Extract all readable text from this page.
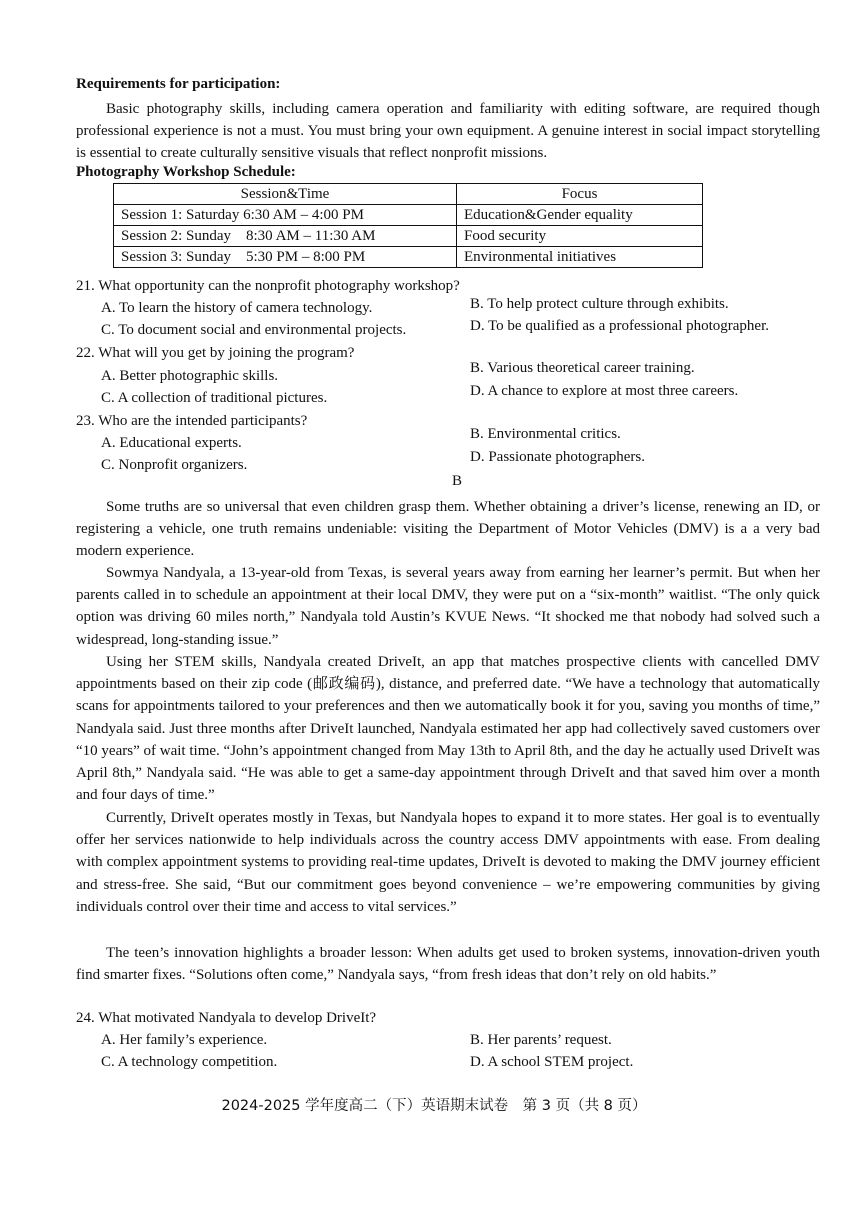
Requirements for participation:

Basic photography skills, including camera operation and familiarity with editing software, are required though professional experience is not a must. You must bring your own equipment. A genuine interest in social impact storytelling is essential to create culturally sensitive visuals that reflect nonprofit missions.

Photography Workshop Schedule:
Session&Time	Focus
Session 1: Saturday 6:30 AM – 4:00 PM	Education&Gender equality
Session 2: Sunday    8:30 AM – 11:30 AM	Food security
Session 3: Sunday    5:30 PM – 8:00 PM	Environmental initiatives
21. What opportunity can the nonprofit photography workshop?
A. To learn the history of camera technology.	B. To help protect culture through exhibits.
C. To document social and environmental projects.	D. To be qualified as a professional photographer.
22. What will you get by joining the program?
A. Better photographic skills.	B. Various theoretical career training.
C. A collection of traditional pictures.	D. A chance to explore at most three careers.
23. Who are the intended participants?
A. Educational experts.
B. Environmental critics.
C. Nonprofit organizers.	D. Passionate photographers.
B

Some truths are so universal that even children grasp them. Whether obtaining a driver’s license, renewing an ID, or registering a vehicle, one truth remains undeniable: visiting the Department of Motor Vehicles (DMV) is a a very bad modern experience.

Sowmya Nandyala, a 13-year-old from Texas, is several years away from earning her learner’s permit. But when her parents called in to schedule an appointment at their local DMV, they were put on a “six-month” waitlist. “The only quick option was driving 60 miles north,” Nandyala told Austin’s KVUE News. “It shocked me that nobody had solved such a widespread, long-standing issue.”

Using her STEM skills, Nandyala created DriveIt, an app that matches prospective clients with cancelled DMV appointments based on their zip code (邮政编码), distance, and preferred date. “We have a technology that automatically scans for appointments tailored to your preferences and then we automatically book it for you, saving you months of time,” Nandyala said. Just three months after DriveIt launched, Nandyala estimated her app had collectively saved customers over “10 years” of wait time. “John’s appointment changed from May 13th to April 8th, and the day he actually used DriveIt was April 8th,” Nandyala said. “He was able to get a same-day appointment through DriveIt and that saved him over a month and four days of time.”

Currently, DriveIt operates mostly in Texas, but Nandyala hopes to expand it to more states. Her goal is to eventually offer her services nationwide to help individuals across the country access DMV appointments with ease. From dealing with complex appointment systems to providing real-time updates, DriveIt is devoted to making the DMV journey efficient and stress-free. She said, “But our commitment goes beyond convenience – we’re empowering communities by giving individuals control over their time and access to vital services.”

The teen’s innovation highlights a broader lesson: When adults get used to broken systems, innovation-driven youth find smarter fixes. “Solutions often come,” Nandyala says, “from fresh ideas that don’t rely on old habits.”

24. What motivated Nandyala to develop DriveIt?
A. Her family’s experience.	B. Her parents’ request.
C. A technology competition.	D. A school STEM project.
2024-2025 学年度高二（下）英语期末试卷　第 3 页（共 8 页）
